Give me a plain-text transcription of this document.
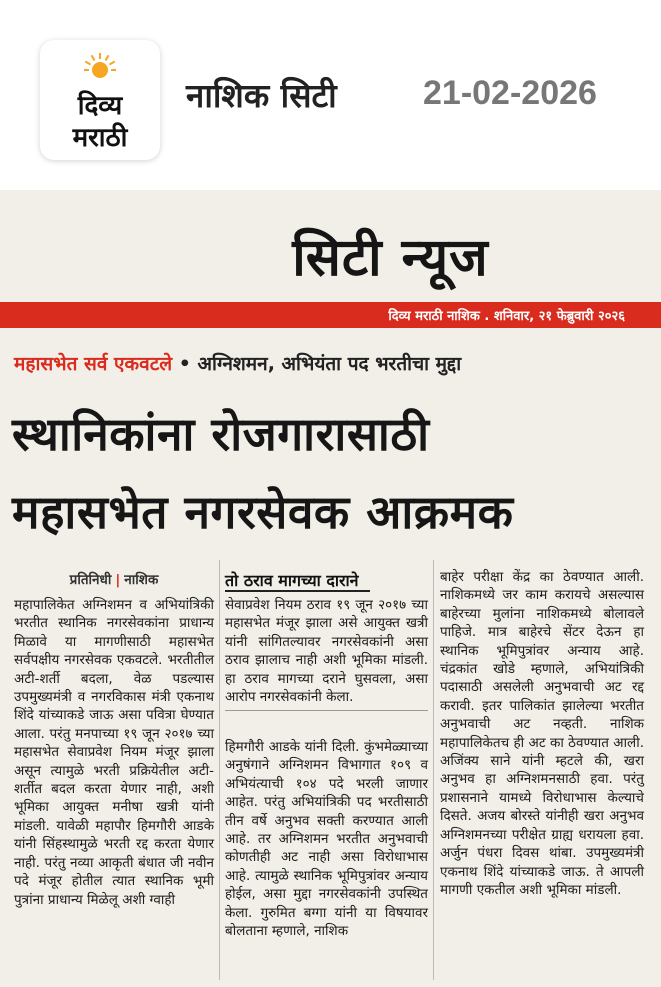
दिव्य
मराठी
नाशिक सिटी	21-02-2026
सिटी न्यूज
दिव्य मराठी नाशिक . शनिवार, २१ फेब्रुवारी २०२६
महासभेत सर्व एकवटले • अग्निशमन, अभियंता पद भरतीचा मुद्दा
स्थानिकांना रोजगारासाठी
महासभेत नगरसेवक आक्रमक
प्रतिनिधी | नाशिक

महापालिकेत अग्निशमन व अभियांत्रिकी भरतीत स्थानिक नगरसेवकांना प्राधान्य मिळावे या मागणीसाठी महासभेत सर्वपक्षीय नगरसेवक एकवटले. भरतीतील अटी-शर्ती बदला, वेळ पडल्यास उपमुख्यमंत्री व नगरविकास मंत्री एकनाथ शिंदे यांच्याकडे जाऊ असा पवित्रा घेण्यात आला. परंतु मनपाच्या १९ जून २०१७ च्या महासभेत सेवाप्रवेश नियम मंजूर झाला असून त्यामुळे भरती प्रक्रियेतील अटी-शर्तीत बदल करता येणार नाही, अशी भूमिका आयुक्त मनीषा खत्री यांनी मांडली. यावेळी महापौर हिमगौरी आडके यांनी सिंहस्थामुळे भरती रद्द करता येणार नाही. परंतु नव्या आकृती बंधात जी नवीन पदे मंजूर होतील त्यात स्थानिक भूमी पुत्रांना प्राधान्य मिळेलू अशी ग्वाही

तो ठराव मागच्या दाराने

सेवाप्रवेश नियम ठराव १९ जून २०१७ च्या महासभेत मंजूर झाला असे आयुक्त खत्री यांनी सांगितल्यावर नगरसेवकांनी असा ठराव झालाच नाही अशी भूमिका मांडली. हा ठराव मागच्या दराने घुसवला, असा आरोप नगरसेवकांनी केला.

हिमगौरी आडके यांनी दिली. कुंभमेळ्याच्या अनुषंगाने अग्निशमन विभागात १०९ व अभियंत्याची १०४ पदे भरली जाणार आहेत. परंतु अभियांत्रिकी पद भरतीसाठी तीन वर्षे अनुभव सक्ती करण्यात आली आहे. तर अग्निशमन भरतीत अनुभवाची कोणतीही अट नाही असा विरोधाभास आहे. त्यामुळे स्थानिक भूमिपुत्रांवर अन्याय होईल, असा मुद्दा नगरसेवकांनी उपस्थित केला. गुरुमित बग्गा यांनी या विषयावर बोलताना म्हणाले, नाशिक

बाहेर परीक्षा केंद्र का ठेवण्यात आली. नाशिकमध्ये जर काम करायचे असल्यास बाहेरच्या मुलांना नाशिकमध्ये बोलावले पाहिजे. मात्र बाहेरचे सेंटर देऊन हा स्थानिक भूमिपुत्रांवर अन्याय आहे. चंद्रकांत खोडे म्हणाले, अभियांत्रिकी पदासाठी असलेली अनुभवाची अट रद्द करावी. इतर पालिकांत झालेल्या भरतीत अनुभवाची अट नव्हती. नाशिक महापालिकेतच ही अट का ठेवण्यात आली. अजिंक्य साने यांनी म्हटले की, खरा अनुभव हा अग्निशमनसाठी हवा. परंतु प्रशासनाने यामध्ये विरोधाभास केल्याचे दिसते. अजय बोरस्ते यांनीही खरा अनुभव अग्निशमनच्या परीक्षेत ग्राह्य धरायला हवा. अर्जुन पंधरा दिवस थांबा. उपमुख्यमंत्री एकनाथ शिंदे यांच्याकडे जाऊ. ते आपली मागणी एकतील अशी भूमिका मांडली.
